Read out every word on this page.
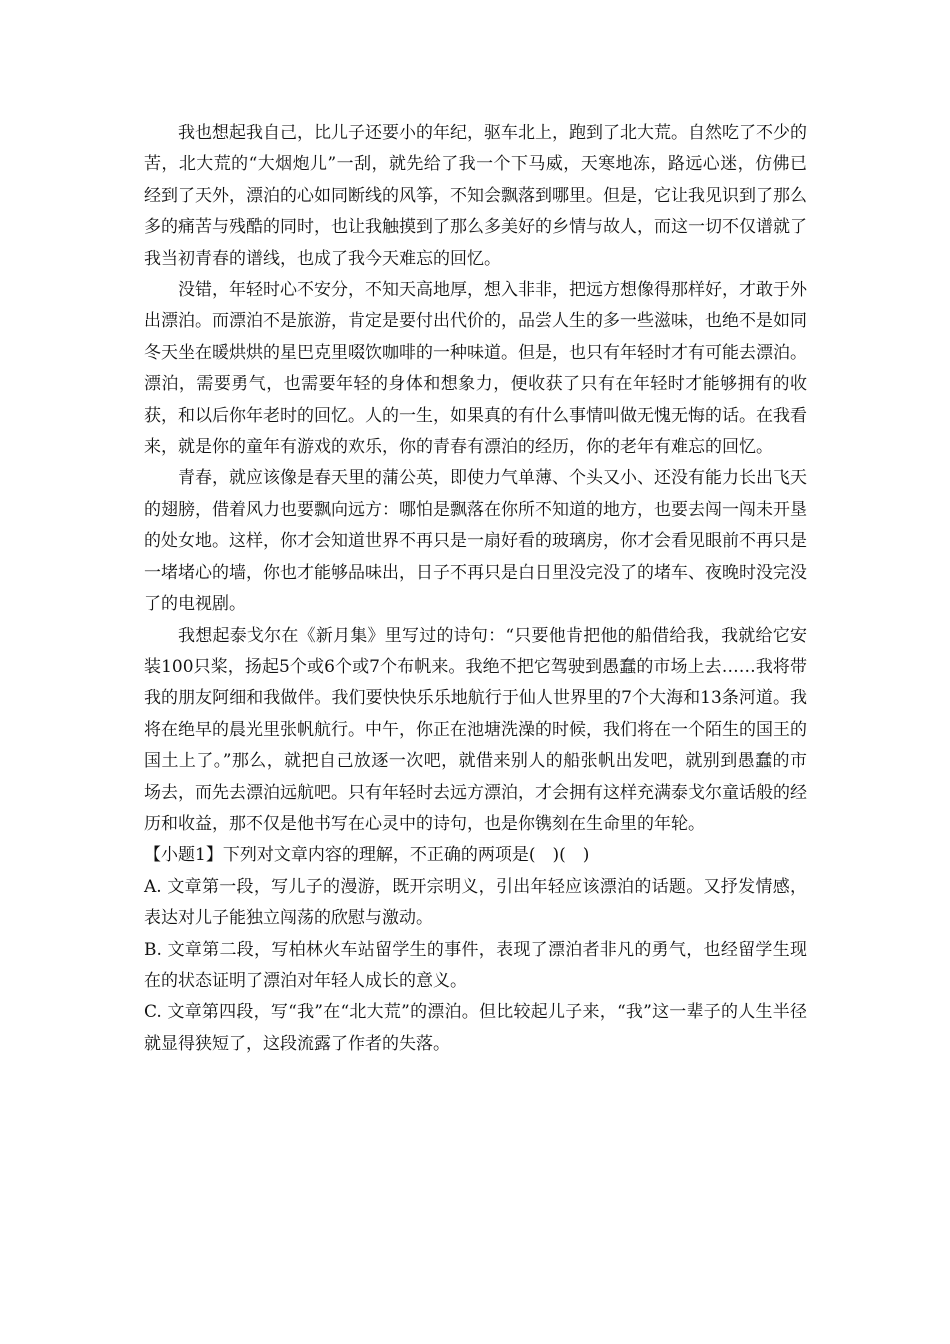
我也想起我自己，比儿子还要小的年纪，驱车北上，跑到了北大荒。自然吃了不少的苦，北大荒的“大烟炮儿”一刮，就先给了我一个下马威，天寒地冻，路远心迷，仿佛已经到了天外，漂泊的心如同断线的风筝，不知会飘落到哪里。但是，它让我见识到了那么多的痛苦与残酷的同时，也让我触摸到了那么多美好的乡情与故人，而这一切不仅谱就了我当初青春的谱线，也成了我今天难忘的回忆。

没错，年轻时心不安分，不知天高地厚，想入非非，把远方想像得那样好，才敢于外出漂泊。而漂泊不是旅游，肯定是要付出代价的，品尝人生的多一些滋味，也绝不是如同冬天坐在暖烘烘的星巴克里啜饮咖啡的一种味道。但是，也只有年轻时才有可能去漂泊。漂泊，需要勇气，也需要年轻的身体和想象力，便收获了只有在年轻时才能够拥有的收获，和以后你年老时的回忆。人的一生，如果真的有什么事情叫做无愧无悔的话。在我看来，就是你的童年有游戏的欢乐，你的青春有漂泊的经历，你的老年有难忘的回忆。

青春，就应该像是春天里的蒲公英，即使力气单薄、个头又小、还没有能力长出飞天的翅膀，借着风力也要飘向远方：哪怕是飘落在你所不知道的地方，也要去闯一闯未开垦的处女地。这样，你才会知道世界不再只是一扇好看的玻璃房，你才会看见眼前不再只是一堵堵心的墙，你也才能够品味出，日子不再只是白日里没完没了的堵车、夜晚时没完没了的电视剧。

我想起泰戈尔在《新月集》里写过的诗句：“只要他肯把他的船借给我，我就给它安装100只桨，扬起5个或6个或7个布帆来。我绝不把它驾驶到愚蠢的市场上去……我将带我的朋友阿细和我做伴。我们要快快乐乐地航行于仙人世界里的7个大海和13条河道。我将在绝早的晨光里张帆航行。中午，你正在池塘洗澡的时候，我们将在一个陌生的国王的国土上了。”那么，就把自己放逐一次吧，就借来别人的船张帆出发吧，就别到愚蠢的市场去，而先去漂泊远航吧。只有年轻时去远方漂泊，才会拥有这样充满泰戈尔童话般的经历和收益，那不仅是他书写在心灵中的诗句，也是你镌刻在生命里的年轮。

【小题1】下列对文章内容的理解，不正确的两项是(　)(　)

A. 文章第一段，写儿子的漫游，既开宗明义，引出年轻应该漂泊的话题。又抒发情感，表达对儿子能独立闯荡的欣慰与激动。

B. 文章第二段，写柏林火车站留学生的事件，表现了漂泊者非凡的勇气，也经留学生现在的状态证明了漂泊对年轻人成长的意义。

C. 文章第四段，写“我”在“北大荒”的漂泊。但比较起儿子来，“我”这一辈子的人生半径就显得狭短了，这段流露了作者的失落。
